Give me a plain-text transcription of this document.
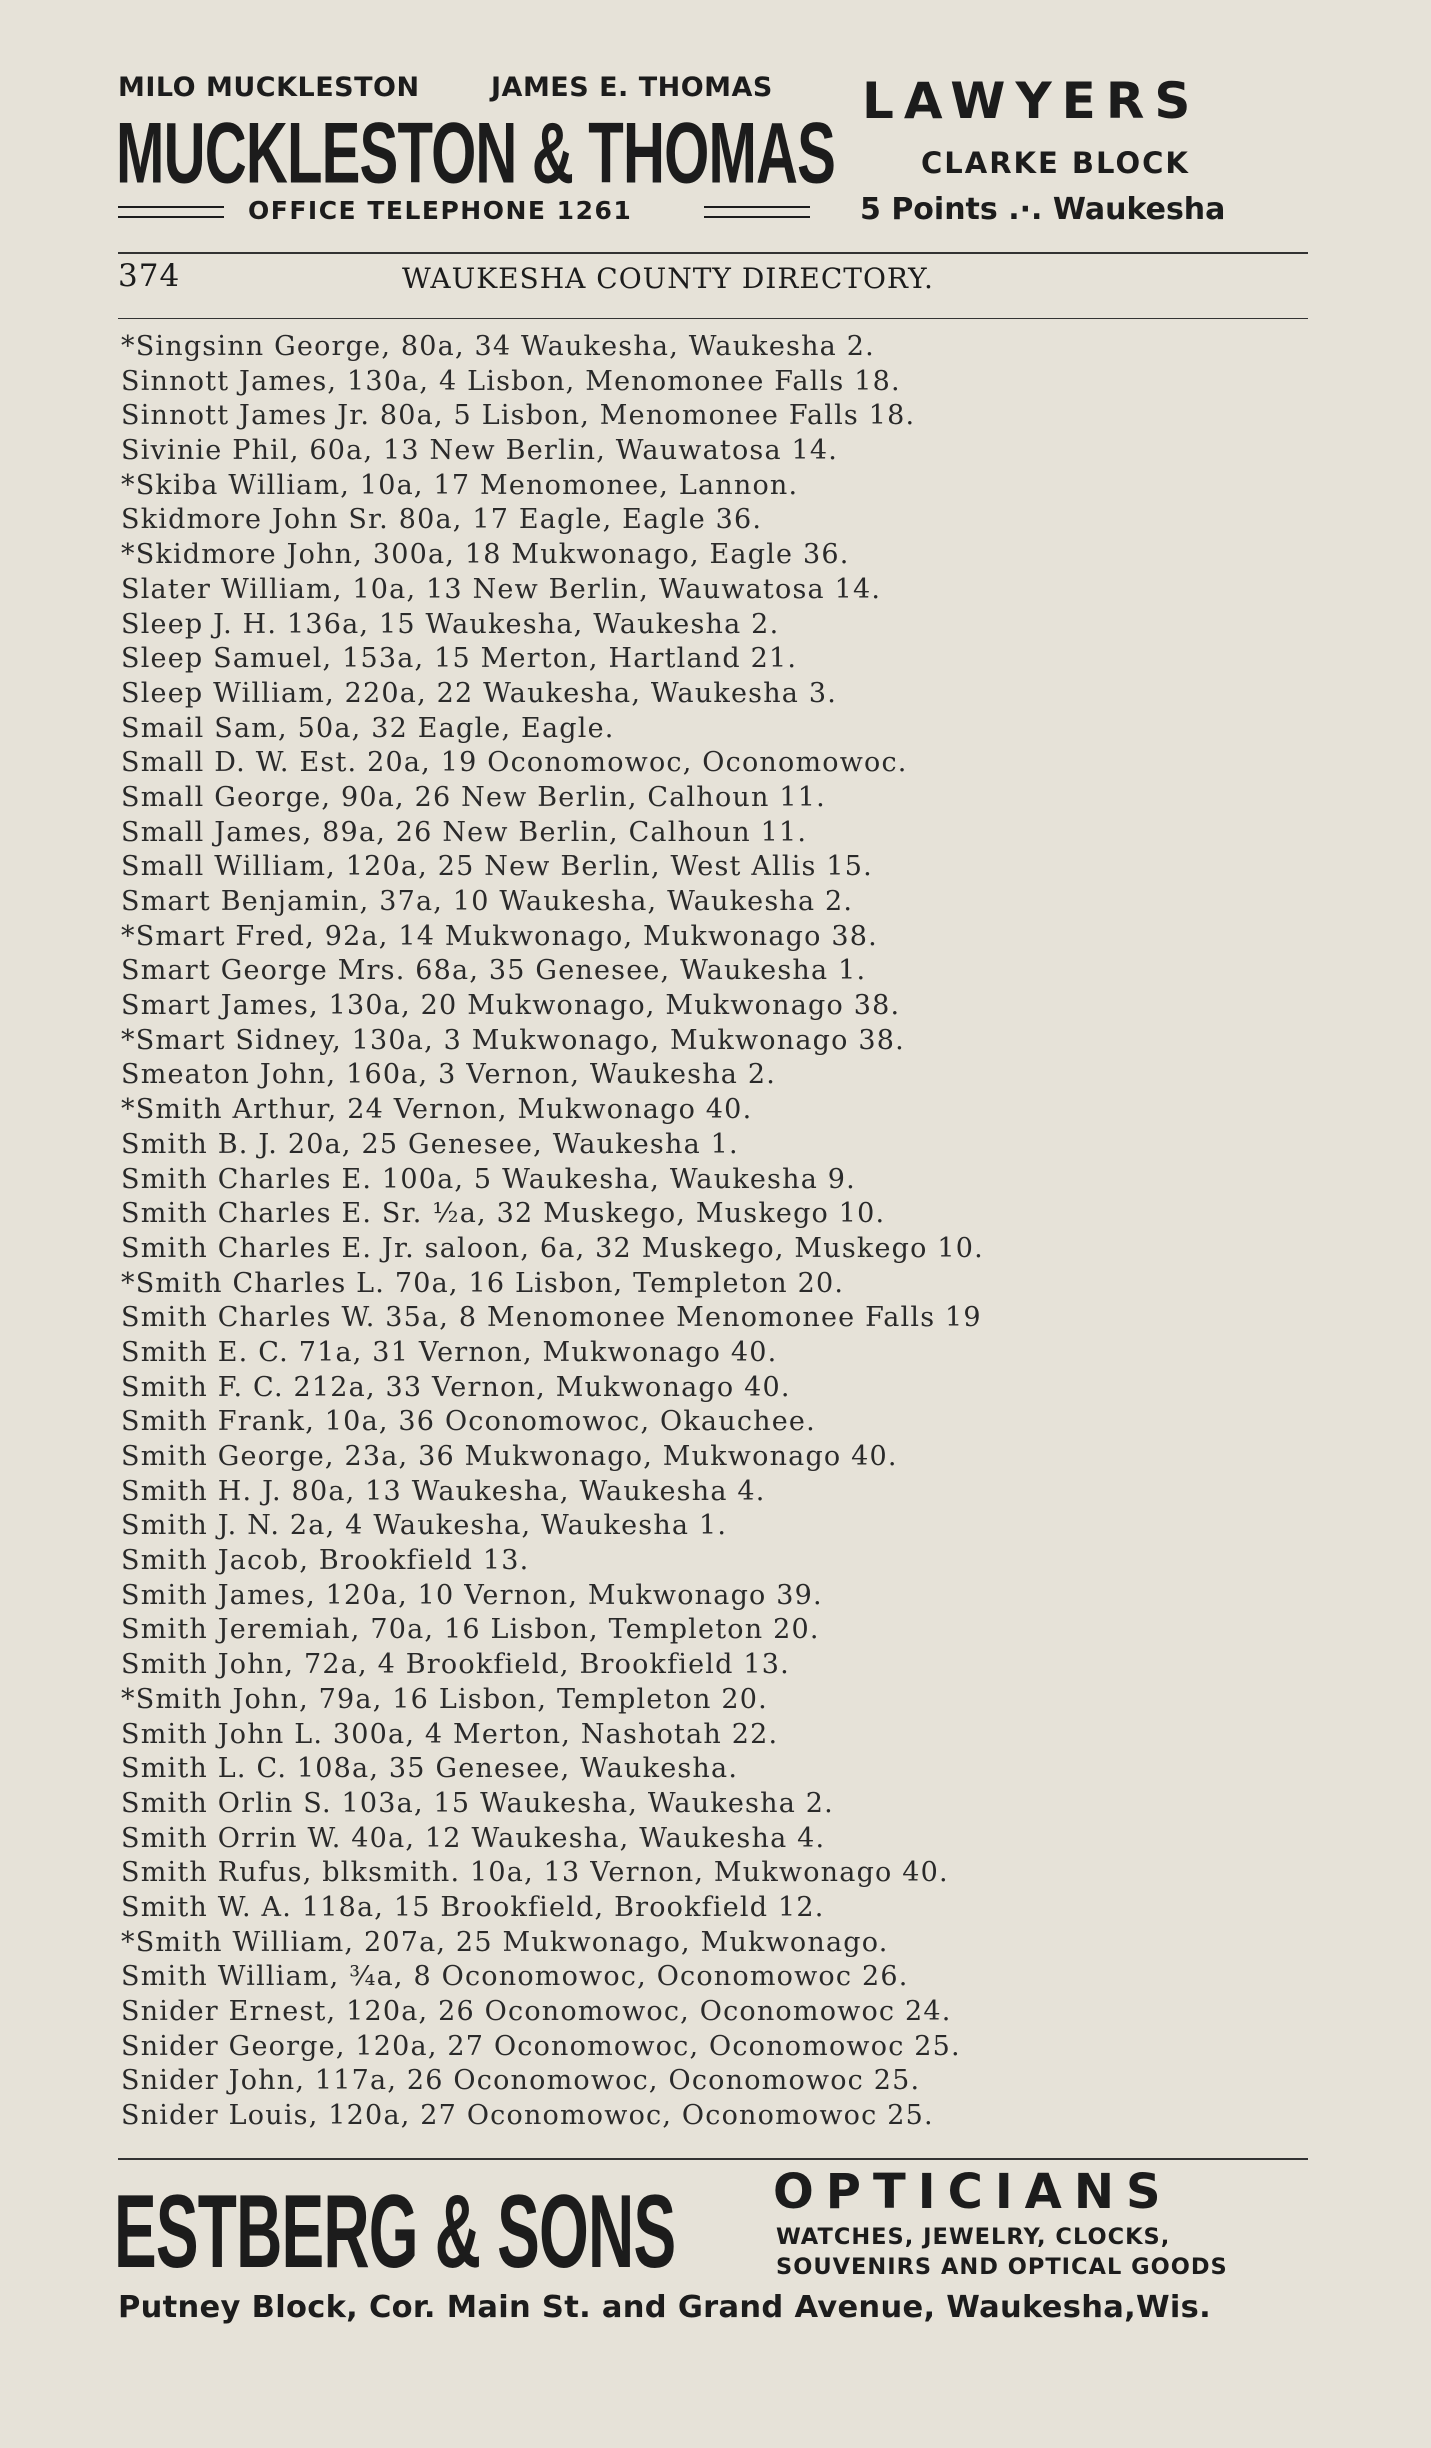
MILO MUCKLESTON	JAMES E. THOMAS
MUCKLESTON & THOMAS
OFFICE TELEPHONE 1261
LAWYERS
CLARKE BLOCK
5 Points .·. Waukesha
374	WAUKESHA COUNTY DIRECTORY.
*Singsinn George, 80a, 34 Waukesha, Waukesha 2.
Sinnott James, 130a, 4 Lisbon, Menomonee Falls 18.
Sinnott James Jr. 80a, 5 Lisbon, Menomonee Falls 18.
Sivinie Phil, 60a, 13 New Berlin, Wauwatosa 14.
*Skiba William, 10a, 17 Menomonee, Lannon.
Skidmore John Sr. 80a, 17 Eagle, Eagle 36.
*Skidmore John, 300a, 18 Mukwonago, Eagle 36.
Slater William, 10a, 13 New Berlin, Wauwatosa 14.
Sleep J. H. 136a, 15 Waukesha, Waukesha 2.
Sleep Samuel, 153a, 15 Merton, Hartland 21.
Sleep William, 220a, 22 Waukesha, Waukesha 3.
Smail Sam, 50a, 32 Eagle, Eagle.
Small D. W. Est. 20a, 19 Oconomowoc, Oconomowoc.
Small George, 90a, 26 New Berlin, Calhoun 11.
Small James, 89a, 26 New Berlin, Calhoun 11.
Small William, 120a, 25 New Berlin, West Allis 15.
Smart Benjamin, 37a, 10 Waukesha, Waukesha 2.
*Smart Fred, 92a, 14 Mukwonago, Mukwonago 38.
Smart George Mrs. 68a, 35 Genesee, Waukesha 1.
Smart James, 130a, 20 Mukwonago, Mukwonago 38.
*Smart Sidney, 130a, 3 Mukwonago, Mukwonago 38.
Smeaton John, 160a, 3 Vernon, Waukesha 2.
*Smith Arthur, 24 Vernon, Mukwonago 40.
Smith B. J. 20a, 25 Genesee, Waukesha 1.
Smith Charles E. 100a, 5 Waukesha, Waukesha 9.
Smith Charles E. Sr. ½a, 32 Muskego, Muskego 10.
Smith Charles E. Jr. saloon, 6a, 32 Muskego, Muskego 10.
*Smith Charles L. 70a, 16 Lisbon, Templeton 20.
Smith Charles W. 35a, 8 Menomonee Menomonee Falls 19
Smith E. C. 71a, 31 Vernon, Mukwonago 40.
Smith F. C. 212a, 33 Vernon, Mukwonago 40.
Smith Frank, 10a, 36 Oconomowoc, Okauchee.
Smith George, 23a, 36 Mukwonago, Mukwonago 40.
Smith H. J. 80a, 13 Waukesha, Waukesha 4.
Smith J. N. 2a, 4 Waukesha, Waukesha 1.
Smith Jacob, Brookfield 13.
Smith James, 120a, 10 Vernon, Mukwonago 39.
Smith Jeremiah, 70a, 16 Lisbon, Templeton 20.
Smith John, 72a, 4 Brookfield, Brookfield 13.
*Smith John, 79a, 16 Lisbon, Templeton 20.
Smith John L. 300a, 4 Merton, Nashotah 22.
Smith L. C. 108a, 35 Genesee, Waukesha.
Smith Orlin S. 103a, 15 Waukesha, Waukesha 2.
Smith Orrin W. 40a, 12 Waukesha, Waukesha 4.
Smith Rufus, blksmith. 10a, 13 Vernon, Mukwonago 40.
Smith W. A. 118a, 15 Brookfield, Brookfield 12.
*Smith William, 207a, 25 Mukwonago, Mukwonago.
Smith William, ¾a, 8 Oconomowoc, Oconomowoc 26.
Snider Ernest, 120a, 26 Oconomowoc, Oconomowoc 24.
Snider George, 120a, 27 Oconomowoc, Oconomowoc 25.
Snider John, 117a, 26 Oconomowoc, Oconomowoc 25.
Snider Louis, 120a, 27 Oconomowoc, Oconomowoc 25.
ESTBERG & SONS OPTICIANS
WATCHES, JEWELRY, CLOCKS,
SOUVENIRS AND OPTICAL GOODS
Putney Block, Cor. Main St. and Grand Avenue, Waukesha,Wis.
